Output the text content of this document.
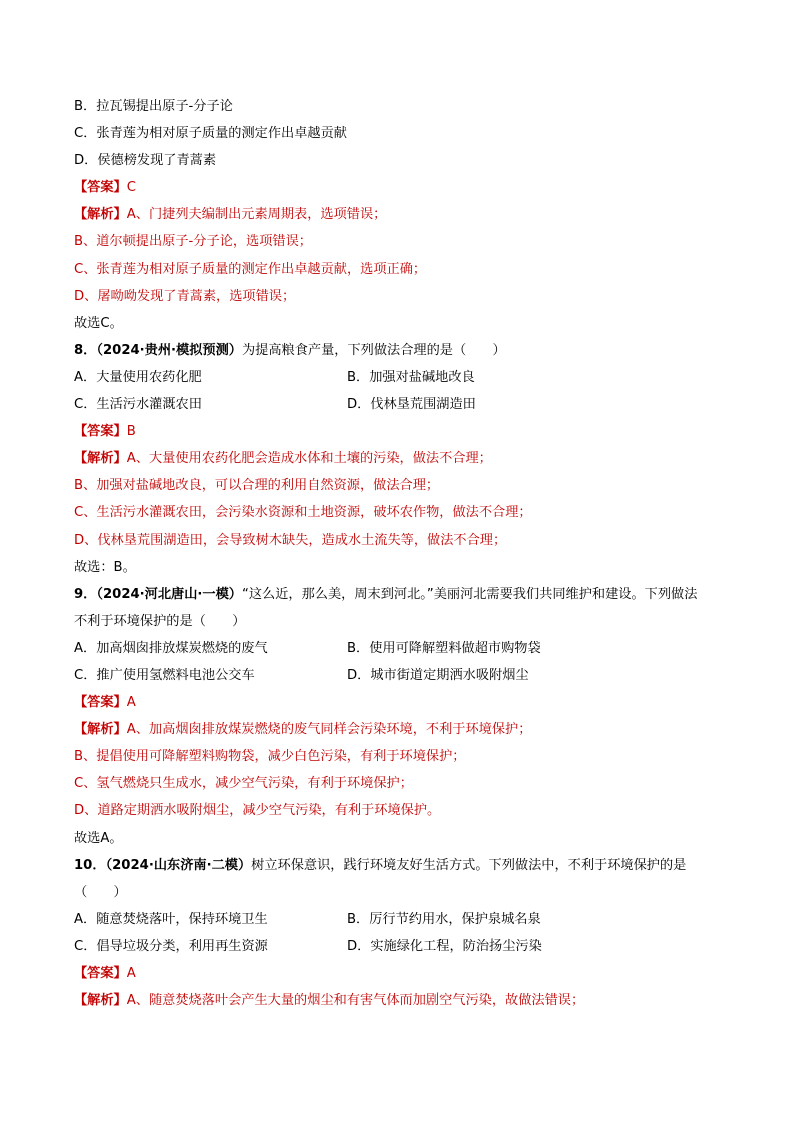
B．拉瓦锡提出原子-分子论
C．张青莲为相对原子质量的测定作出卓越贡献
D．侯德榜发现了青蒿素
【答案】C
【解析】A、门捷列夫编制出元素周期表，选项错误；
B、道尔顿提出原子-分子论，选项错误；
C、张青莲为相对原子质量的测定作出卓越贡献，选项正确；
D、屠呦呦发现了青蒿素，选项错误；
故选C。
8．（2024·贵州·模拟预测）为提高粮食产量，下列做法合理的是（　　）
A．大量使用农药化肥	B．加强对盐碱地改良
C．生活污水灌溉农田	D．伐林垦荒围湖造田
【答案】B
【解析】A、大量使用农药化肥会造成水体和土壤的污染，做法不合理；
B、加强对盐碱地改良，可以合理的利用自然资源，做法合理；
C、生活污水灌溉农田，会污染水资源和土地资源，破坏农作物，做法不合理；
D、伐林垦荒围湖造田，会导致树木缺失，造成水土流失等，做法不合理；
故选：B。
9．（2024·河北唐山·一模）“这么近，那么美，周末到河北。”美丽河北需要我们共同维护和建设。下列做法
不利于环境保护的是（　　）
A．加高烟囱排放煤炭燃烧的废气	B．使用可降解塑料做超市购物袋
C．推广使用氢燃料电池公交车	D．城市街道定期洒水吸附烟尘
【答案】A
【解析】A、加高烟囱排放煤炭燃烧的废气同样会污染环境，不利于环境保护；
B、提倡使用可降解塑料购物袋，减少白色污染，有利于环境保护；
C、氢气燃烧只生成水，减少空气污染，有利于环境保护；
D、道路定期洒水吸附烟尘，减少空气污染，有利于环境保护。
故选A。
10．（2024·山东济南·二模）树立环保意识，践行环境友好生活方式。下列做法中，不利于环境保护的是
（　　）
A．随意焚烧落叶，保持环境卫生	B．厉行节约用水，保护泉城名泉
C．倡导垃圾分类，利用再生资源	D．实施绿化工程，防治扬尘污染
【答案】A
【解析】A、随意焚烧落叶会产生大量的烟尘和有害气体而加剧空气污染，故做法错误；
